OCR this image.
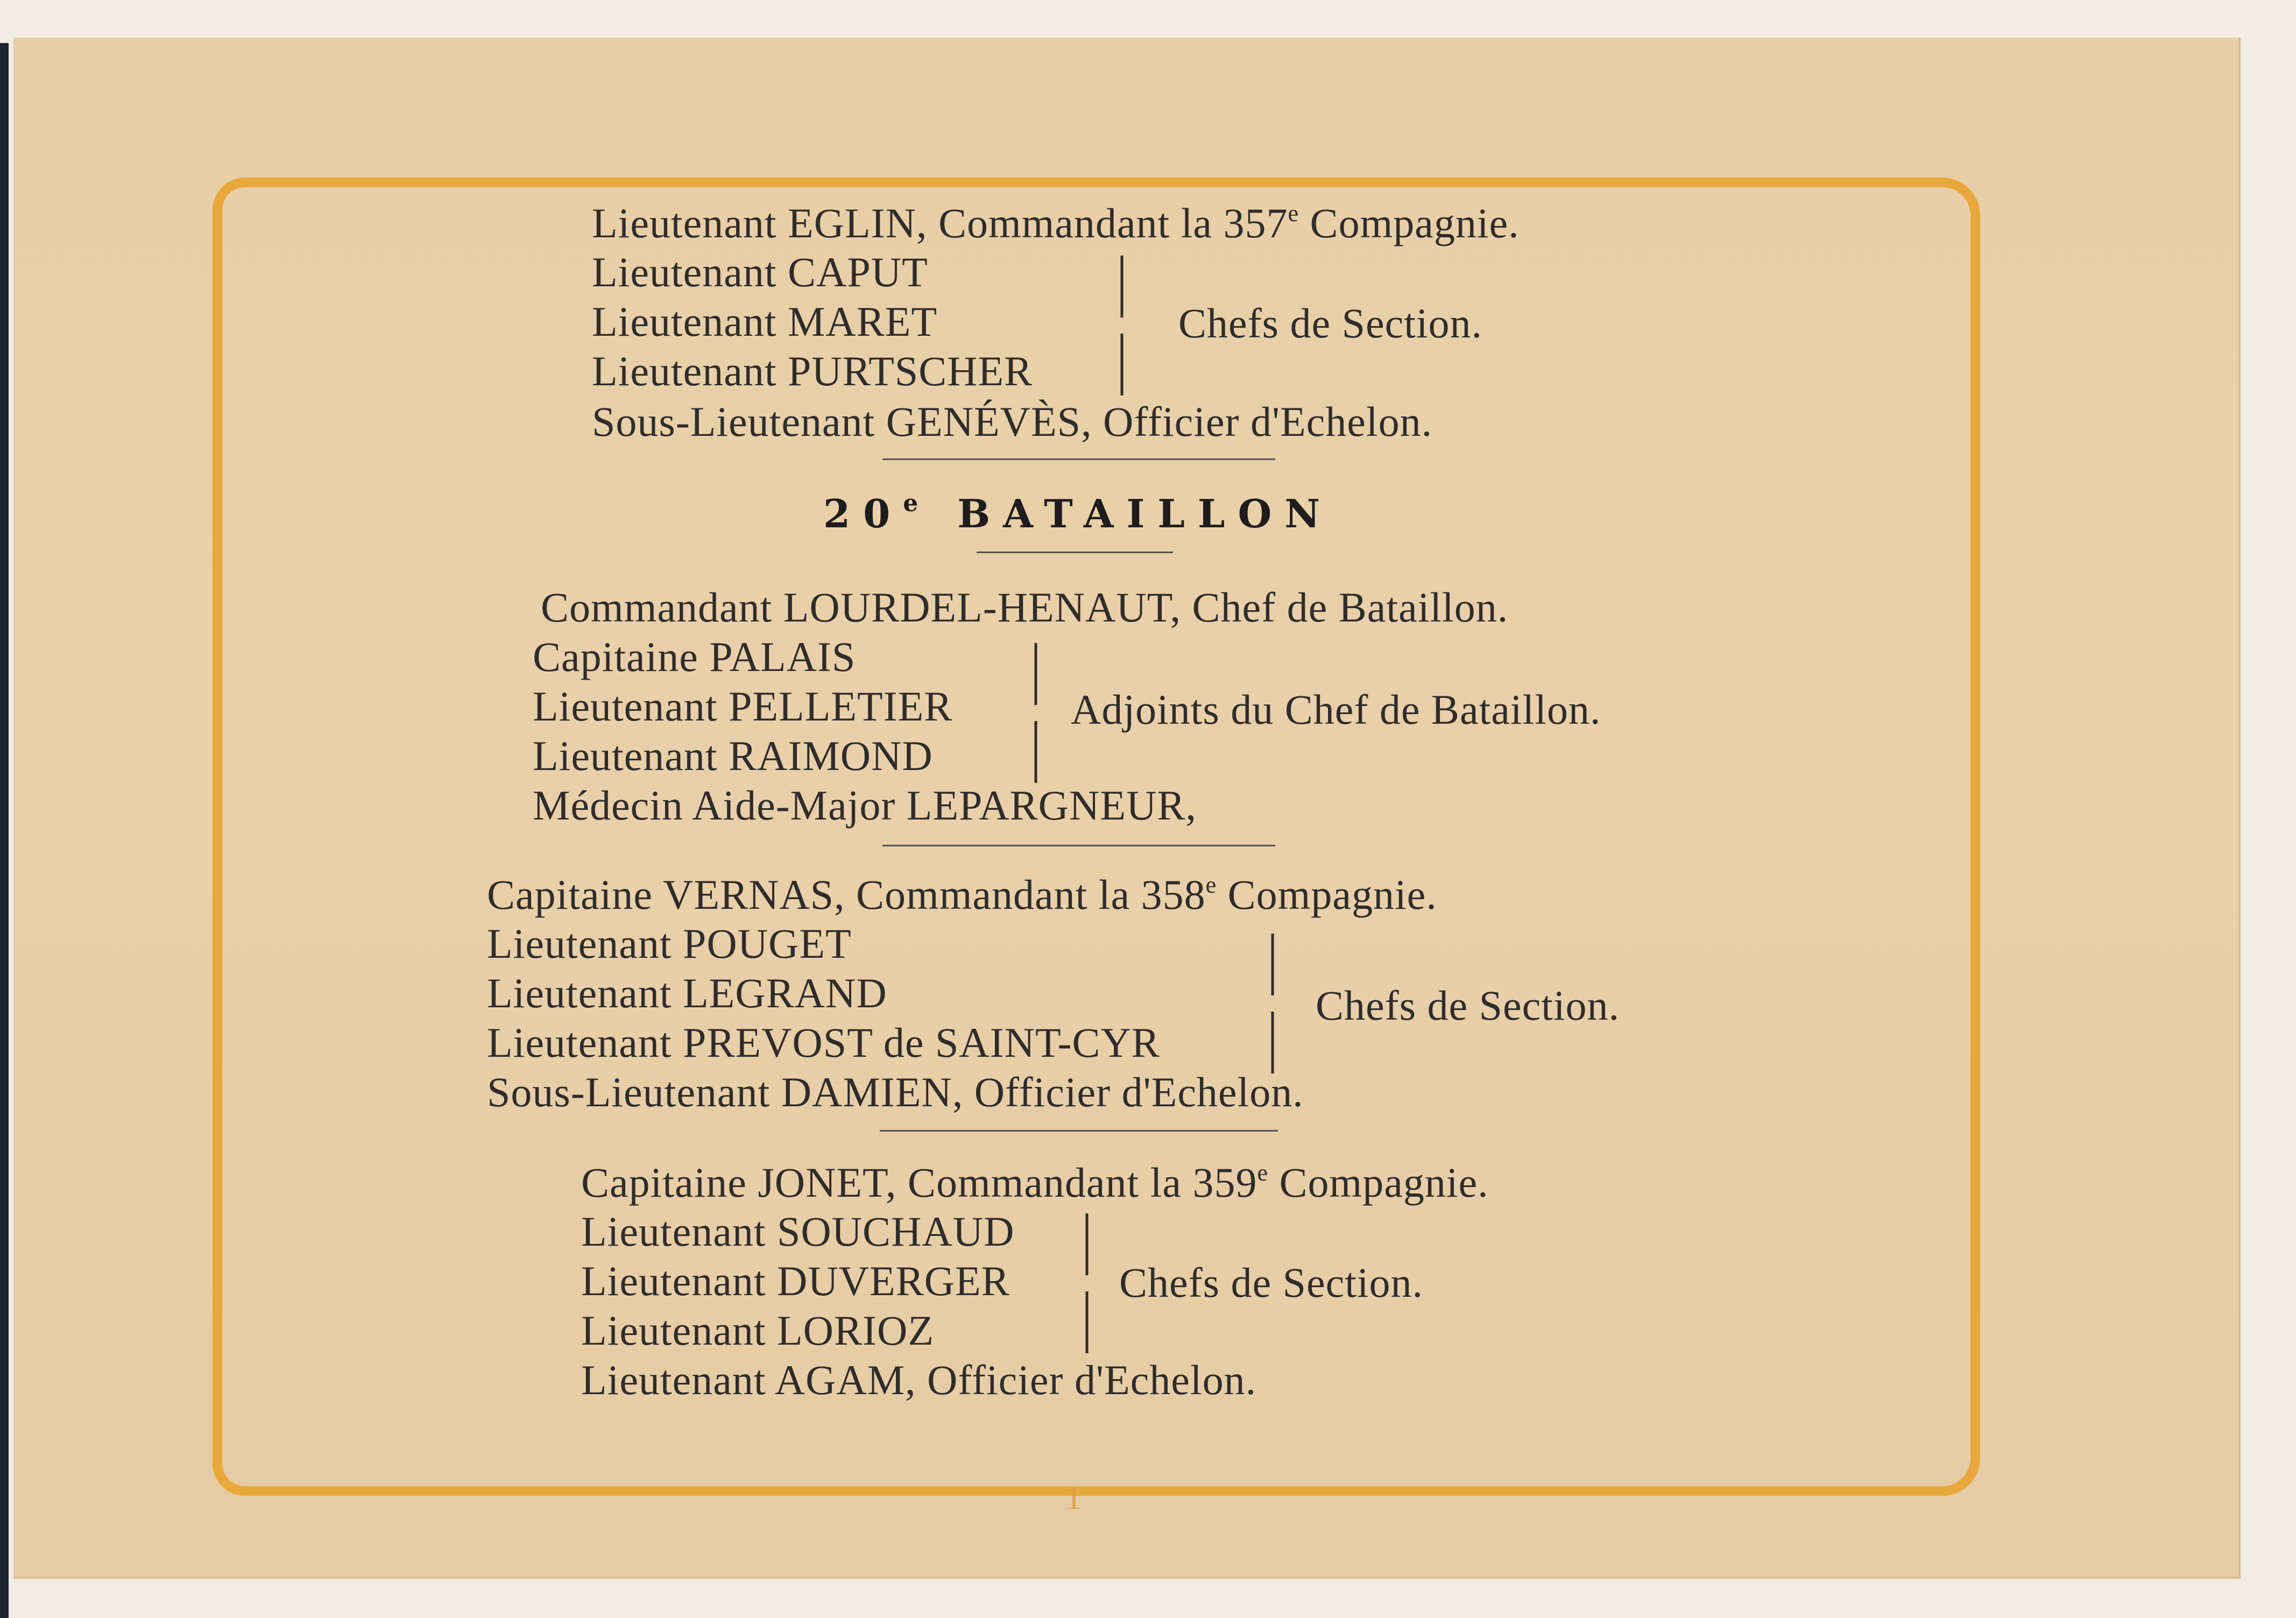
Lieutenant EGLIN, Commandant la 357e Compagnie.
Lieutenant CAPUT
Lieutenant MARET
Lieutenant PURTSCHER
Chefs de Section.
Sous-Lieutenant GENÉVÈS, Officier d'Echelon.
20e BATAILLON
Commandant LOURDEL-HENAUT, Chef de Bataillon.
Capitaine PALAIS
Lieutenant PELLETIER
Lieutenant RAIMOND
Adjoints du Chef de Bataillon.
Médecin Aide-Major LEPARGNEUR,
Capitaine VERNAS, Commandant la 358e Compagnie.
Lieutenant POUGET
Lieutenant LEGRAND
Lieutenant PREVOST de SAINT-CYR
Chefs de Section.
Sous-Lieutenant DAMIEN, Officier d'Echelon.
Capitaine JONET, Commandant la 359e Compagnie.
Lieutenant SOUCHAUD
Lieutenant DUVERGER
Lieutenant LORIOZ
Chefs de Section.
Lieutenant AGAM, Officier d'Echelon.
1
